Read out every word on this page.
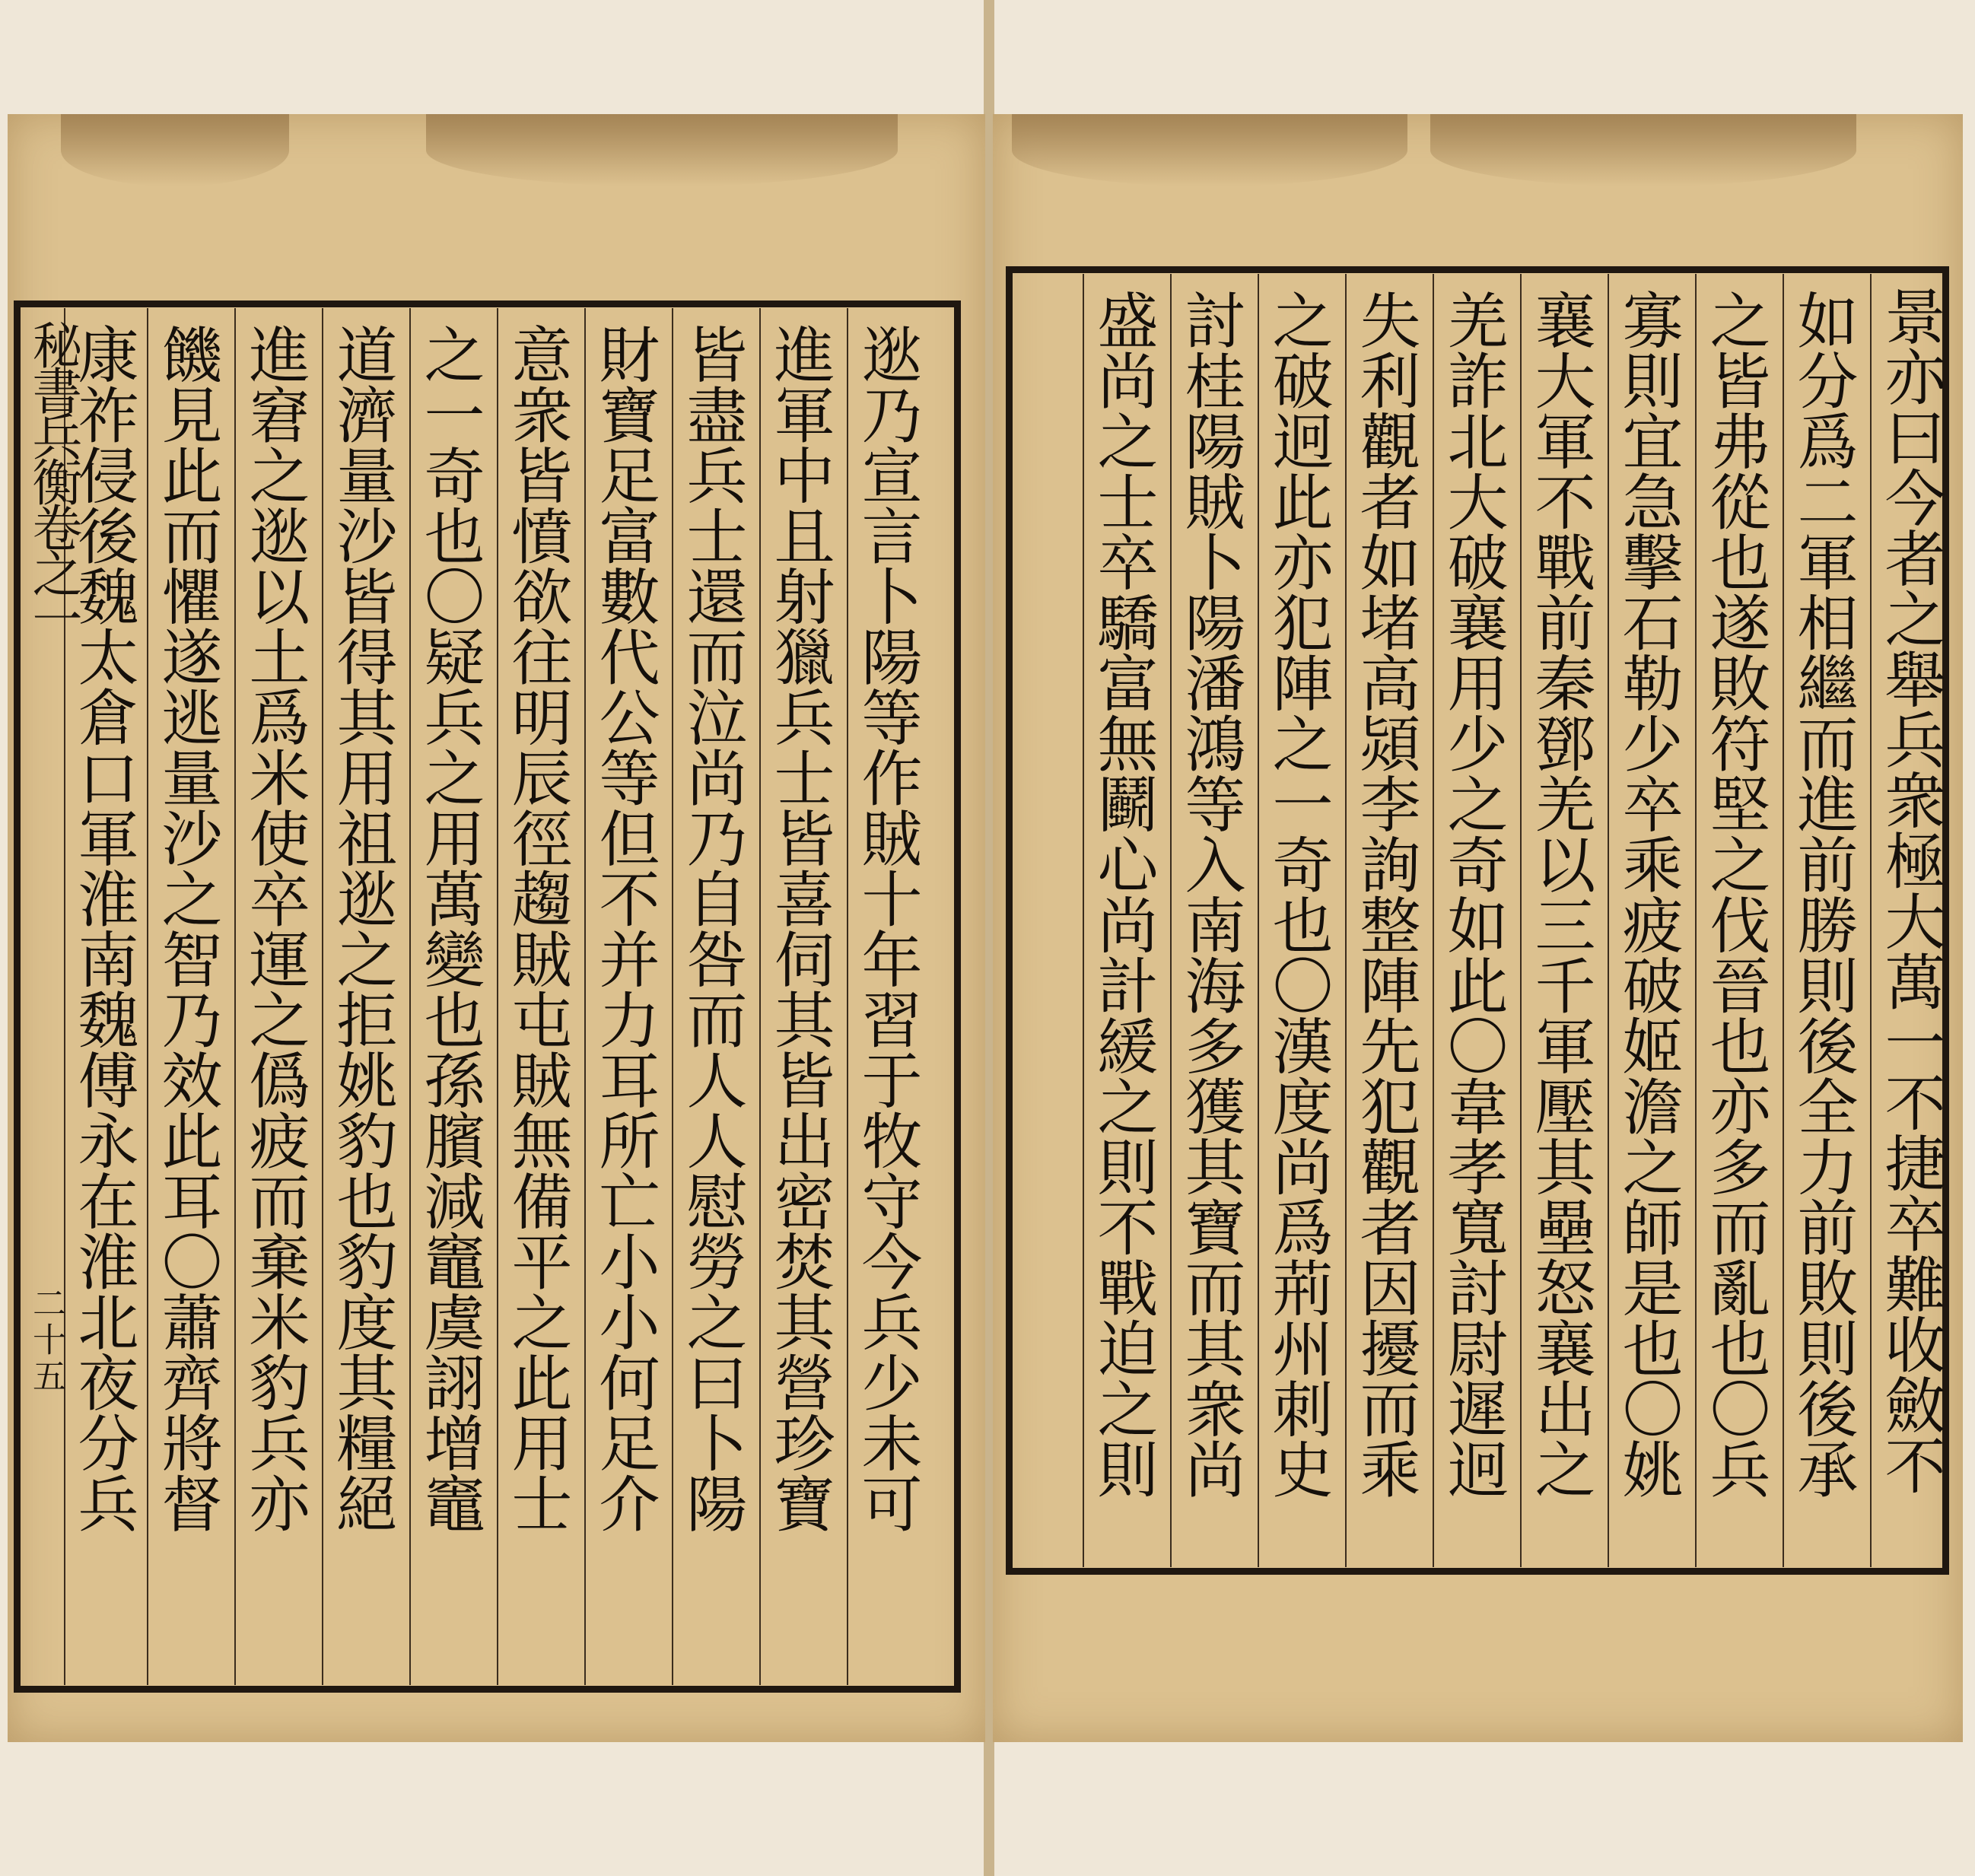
秘書兵衡卷之一
二十五	景亦曰今者之舉兵衆極大萬一不捷卒難收斂不
如分爲二軍相繼而進前勝則後全力前敗則後承
之皆弗從也遂敗符堅之伐晉也亦多而亂也〇兵
寡則宜急擊石勒少卒乘疲破姬澹之師是也〇姚
襄大軍不戰前秦鄧羌以三千軍壓其壘怒襄出之
羌詐北大破襄用少之奇如此〇韋孝寬討尉遲迥
失利觀者如堵高熲李詢整陣先犯觀者因擾而乘
之破迥此亦犯陣之一奇也〇漢度尚爲荊州刺史
討桂陽賊卜陽潘鴻等入南海多獲其寶而其衆尚
盛尚之士卒驕富無鬬心尚計緩之則不戰迫之則
逖乃宣言卜陽等作賊十年習于牧守今兵少未可
進軍中且射獵兵士皆喜伺其皆出密焚其營珍寶
皆盡兵士還而泣尚乃自咎而人人慰勞之曰卜陽
財寶足富數代公等但不并力耳所亡小小何足介
意衆皆憤欲往明辰徑趨賊屯賊無備平之此用士
之一奇也〇疑兵之用萬變也孫臏減竈虞詡增竈
道濟量沙皆得其用祖逖之拒姚豹也豹度其糧絕
進窘之逖以土爲米使卒運之僞疲而棄米豹兵亦
饑見此而懼遂逃量沙之智乃效此耳〇蕭齊將督
康祚侵後魏太倉口軍淮南魏傅永在淮北夜分兵
